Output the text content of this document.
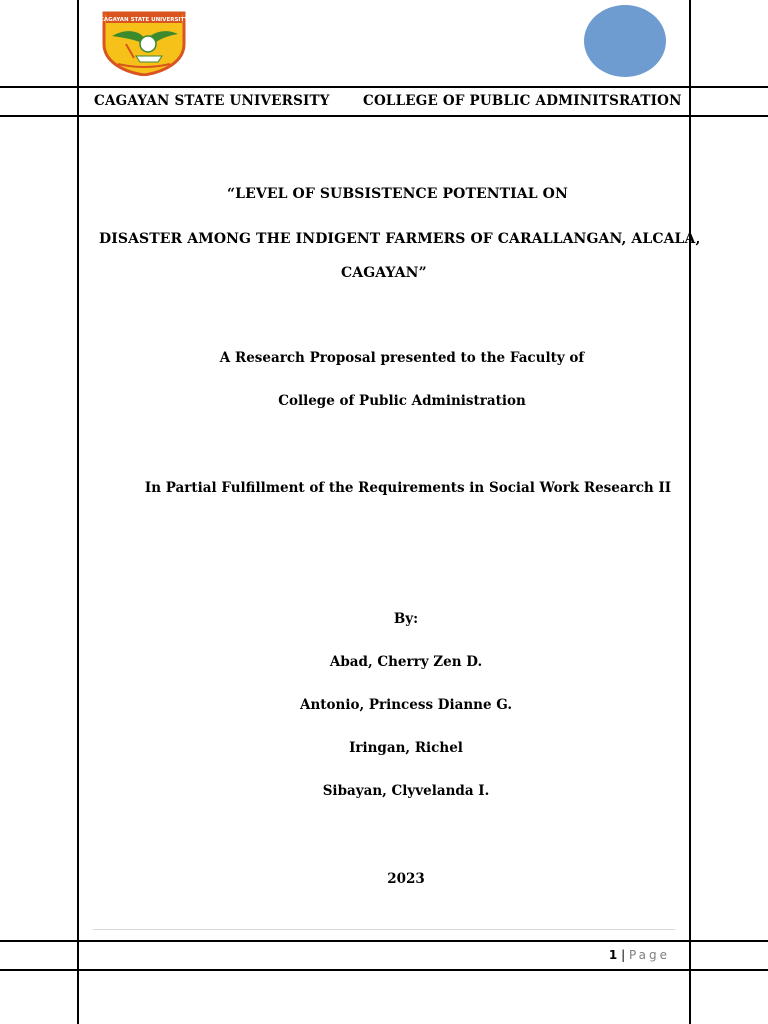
CAGAYAN STATE UNIVERSITY
CAGAYAN STATE UNIVERSITY COLLEGE OF PUBLIC ADMINITSRATION
“LEVEL OF SUBSISTENCE POTENTIAL ON
DISASTER AMONG THE INDIGENT FARMERS OF CARALLANGAN, ALCALA,
CAGAYAN”
A Research Proposal presented to the Faculty of
College of Public Administration
In Partial Fulfillment of the Requirements in Social Work Research II
By:
Abad, Cherry Zen D.
Antonio, Princess Dianne G.
Iringan, Richel
Sibayan, Clyvelanda I.
2023
1 | Page
